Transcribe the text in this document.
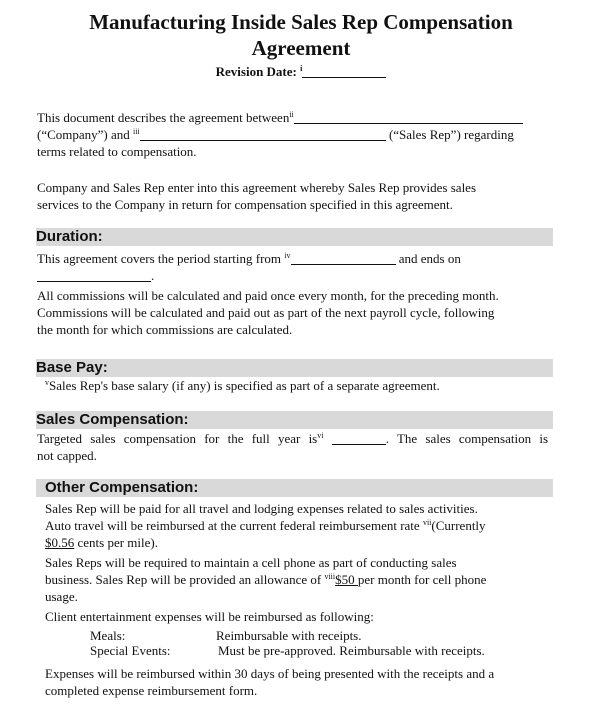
Manufacturing Inside Sales Rep Compensation
Agreement
Revision Date: $^i$
This document describes the agreement between$^{ii}$
(“Company”) and $^{iii}$	(“Sales Rep”) regarding
terms related to compensation.
Company and Sales Rep enter into this agreement whereby Sales Rep provides sales
services to the Company in return for compensation specified in this agreement.
Duration:
This agreement covers the period starting from $^{iv}$	and ends on
.
All commissions will be calculated and paid once every month, for the preceding month.
Commissions will be calculated and paid out as part of the next payroll cycle, following
the month for which commissions are calculated.
Base Pay:
$^v$Sales Rep's base salary (if any) is specified as part of a separate agreement.
Sales Compensation:
Targeted sales compensation for the full year $is^{vi}$	. The sales compensation is
not capped.
Other Compensation:
Sales Rep will be paid for all travel and lodging expenses related to sales activities.
Auto travel will be reimbursed at the current federal reimbursement rate $^{vii}$(Currently
$0.56 cents per mile).
Sales Reps will be required to maintain a cell phone as part of conducting sales
business. Sales Rep will be provided an allowance of $^{viii}$\$50 per month for cell phone
usage.
Client entertainment expenses will be reimbursed as following:
Meals:	Reimbursable with receipts.
Special Events:	Must be pre-approved. Reimbursable with receipts.
Expenses will be reimbursed within 30 days of being presented with the receipts and a
completed expense reimbursement form.
